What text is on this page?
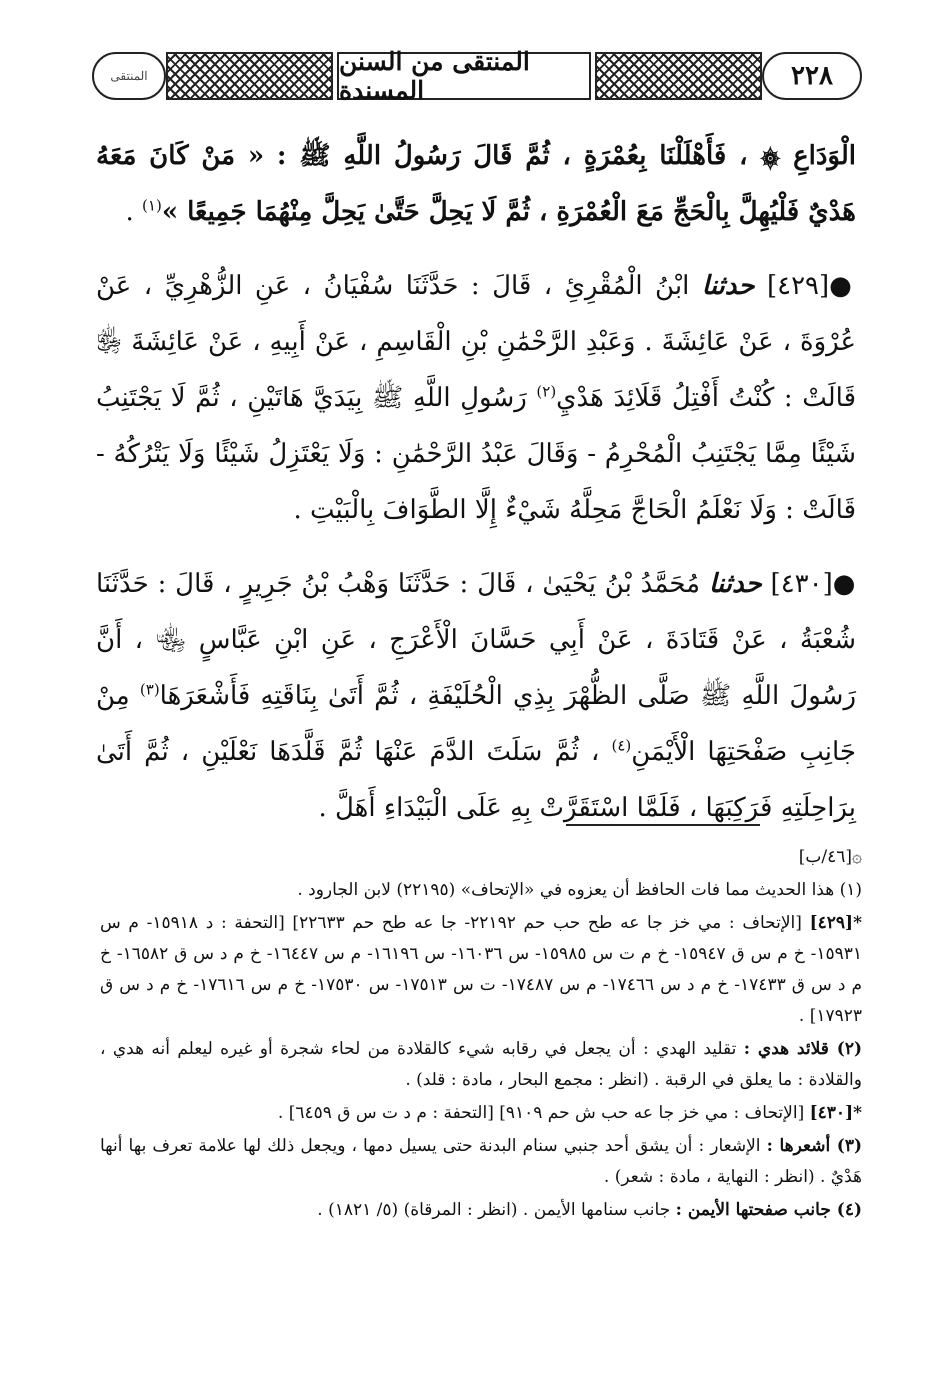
المنتقى	المنتقى من السنن المسندة	٢٢٨

الْوَدَاعِ ۞ ، فَأَهْلَلْنَا بِعُمْرَةٍ ، ثُمَّ قَالَ رَسُولُ اللَّهِ ﷺ : « مَنْ كَانَ مَعَهُ هَدْيٌ فَلْيُهِلَّ بِالْحَجِّ مَعَ الْعُمْرَةِ ، ثُمَّ لَا يَحِلَّ حَتَّىٰ يَحِلَّ مِنْهُمَا جَمِيعًا »$^{(١)}$ .

●[٤٢٩] حدثنا ابْنُ الْمُقْرِئِ ، قَالَ : حَدَّثَنَا سُفْيَانُ ، عَنِ الزُّهْرِيِّ ، عَنْ عُرْوَةَ ، عَنْ عَائِشَةَ . وَعَبْدِ الرَّحْمَٰنِ بْنِ الْقَاسِمِ ، عَنْ أَبِيهِ ، عَنْ عَائِشَةَ ﵂ قَالَتْ : كُنْتُ أَفْتِلُ قَلَائِدَ هَدْيِ$^{(٢)}$ رَسُولِ اللَّهِ ﷺ بِيَدَيَّ هَاتَيْنِ ، ثُمَّ لَا يَجْتَنِبُ شَيْئًا مِمَّا يَجْتَنِبُ الْمُحْرِمُ - وَقَالَ عَبْدُ الرَّحْمَٰنِ : وَلَا يَعْتَزِلُ شَيْئًا وَلَا يَتْرُكُهُ - قَالَتْ : وَلَا نَعْلَمُ الْحَاجَّ مَحِلَّهُ شَيْءٌ إِلَّا الطَّوَافَ بِالْبَيْتِ .

●[٤٣٠] حدثنا مُحَمَّدُ بْنُ يَحْيَىٰ ، قَالَ : حَدَّثَنَا وَهْبُ بْنُ جَرِيرٍ ، قَالَ : حَدَّثَنَا شُعْبَةُ ، عَنْ قَتَادَةَ ، عَنْ أَبِي حَسَّانَ الْأَعْرَجِ ، عَنِ ابْنِ عَبَّاسٍ ﵄ ، أَنَّ رَسُولَ اللَّهِ ﷺ صَلَّى الظُّهْرَ بِذِي الْحُلَيْفَةِ ، ثُمَّ أَتَىٰ بِنَاقَتِهِ فَأَشْعَرَهَا$^{(٣)}$ مِنْ جَانِبِ صَفْحَتِهَا الْأَيْمَنِ$^{(٤)}$ ، ثُمَّ سَلَتَ الدَّمَ عَنْهَا ثُمَّ قَلَّدَهَا نَعْلَيْنِ ، ثُمَّ أَتَىٰ بِرَاحِلَتِهِ فَرَكِبَهَا ، فَلَمَّا اسْتَقَرَّتْ بِهِ عَلَى الْبَيْدَاءِ أَهَلَّ .

۞[٤٦/ب]
(١) هذا الحديث مما فات الحافظ أن يعزوه في «الإتحاف» (٢٢١٩٥) لابن الجارود .
*[٤٢٩] [الإتحاف : مي خز جا عه طح حب حم ٢٢١٩٢- جا عه طح حم ٢٢٦٣٣] [التحفة : د ١٥٩١٨- م س ١٥٩٣١- خ م س ق ١٥٩٤٧- خ م ت س ١٥٩٨٥- س ١٦٠٣٦- س ١٦١٩٦- م س ١٦٤٤٧- خ م د س ق ١٦٥٨٢- خ م د س ق ١٧٤٣٣- خ م د س ١٧٤٦٦- م س ١٧٤٨٧- ت س ١٧٥١٣- س ١٧٥٣٠- خ م س ١٧٦١٦- خ م د س ق ١٧٩٢٣] .
(٢) قلائد هدي : تقليد الهدي : أن يجعل في رقابه شيء كالقلادة من لحاء شجرة أو غيره ليعلم أنه هدي ، والقلادة : ما يعلق في الرقبة . (انظر : مجمع البحار ، مادة : قلد) .
*[٤٣٠] [الإتحاف : مي خز جا عه حب ش حم ٩١٠٩] [التحفة : م د ت س ق ٦٤٥٩] .
(٣) أشعرها : الإشعار : أن يشق أحد جنبي سنام البدنة حتى يسيل دمها ، ويجعل ذلك لها علامة تعرف بها أنها هَدْيٌ . (انظر : النهاية ، مادة : شعر) .
(٤) جانب صفحتها الأيمن : جانب سنامها الأيمن . (انظر : المرقاة) (٥/ ١٨٢١) .
